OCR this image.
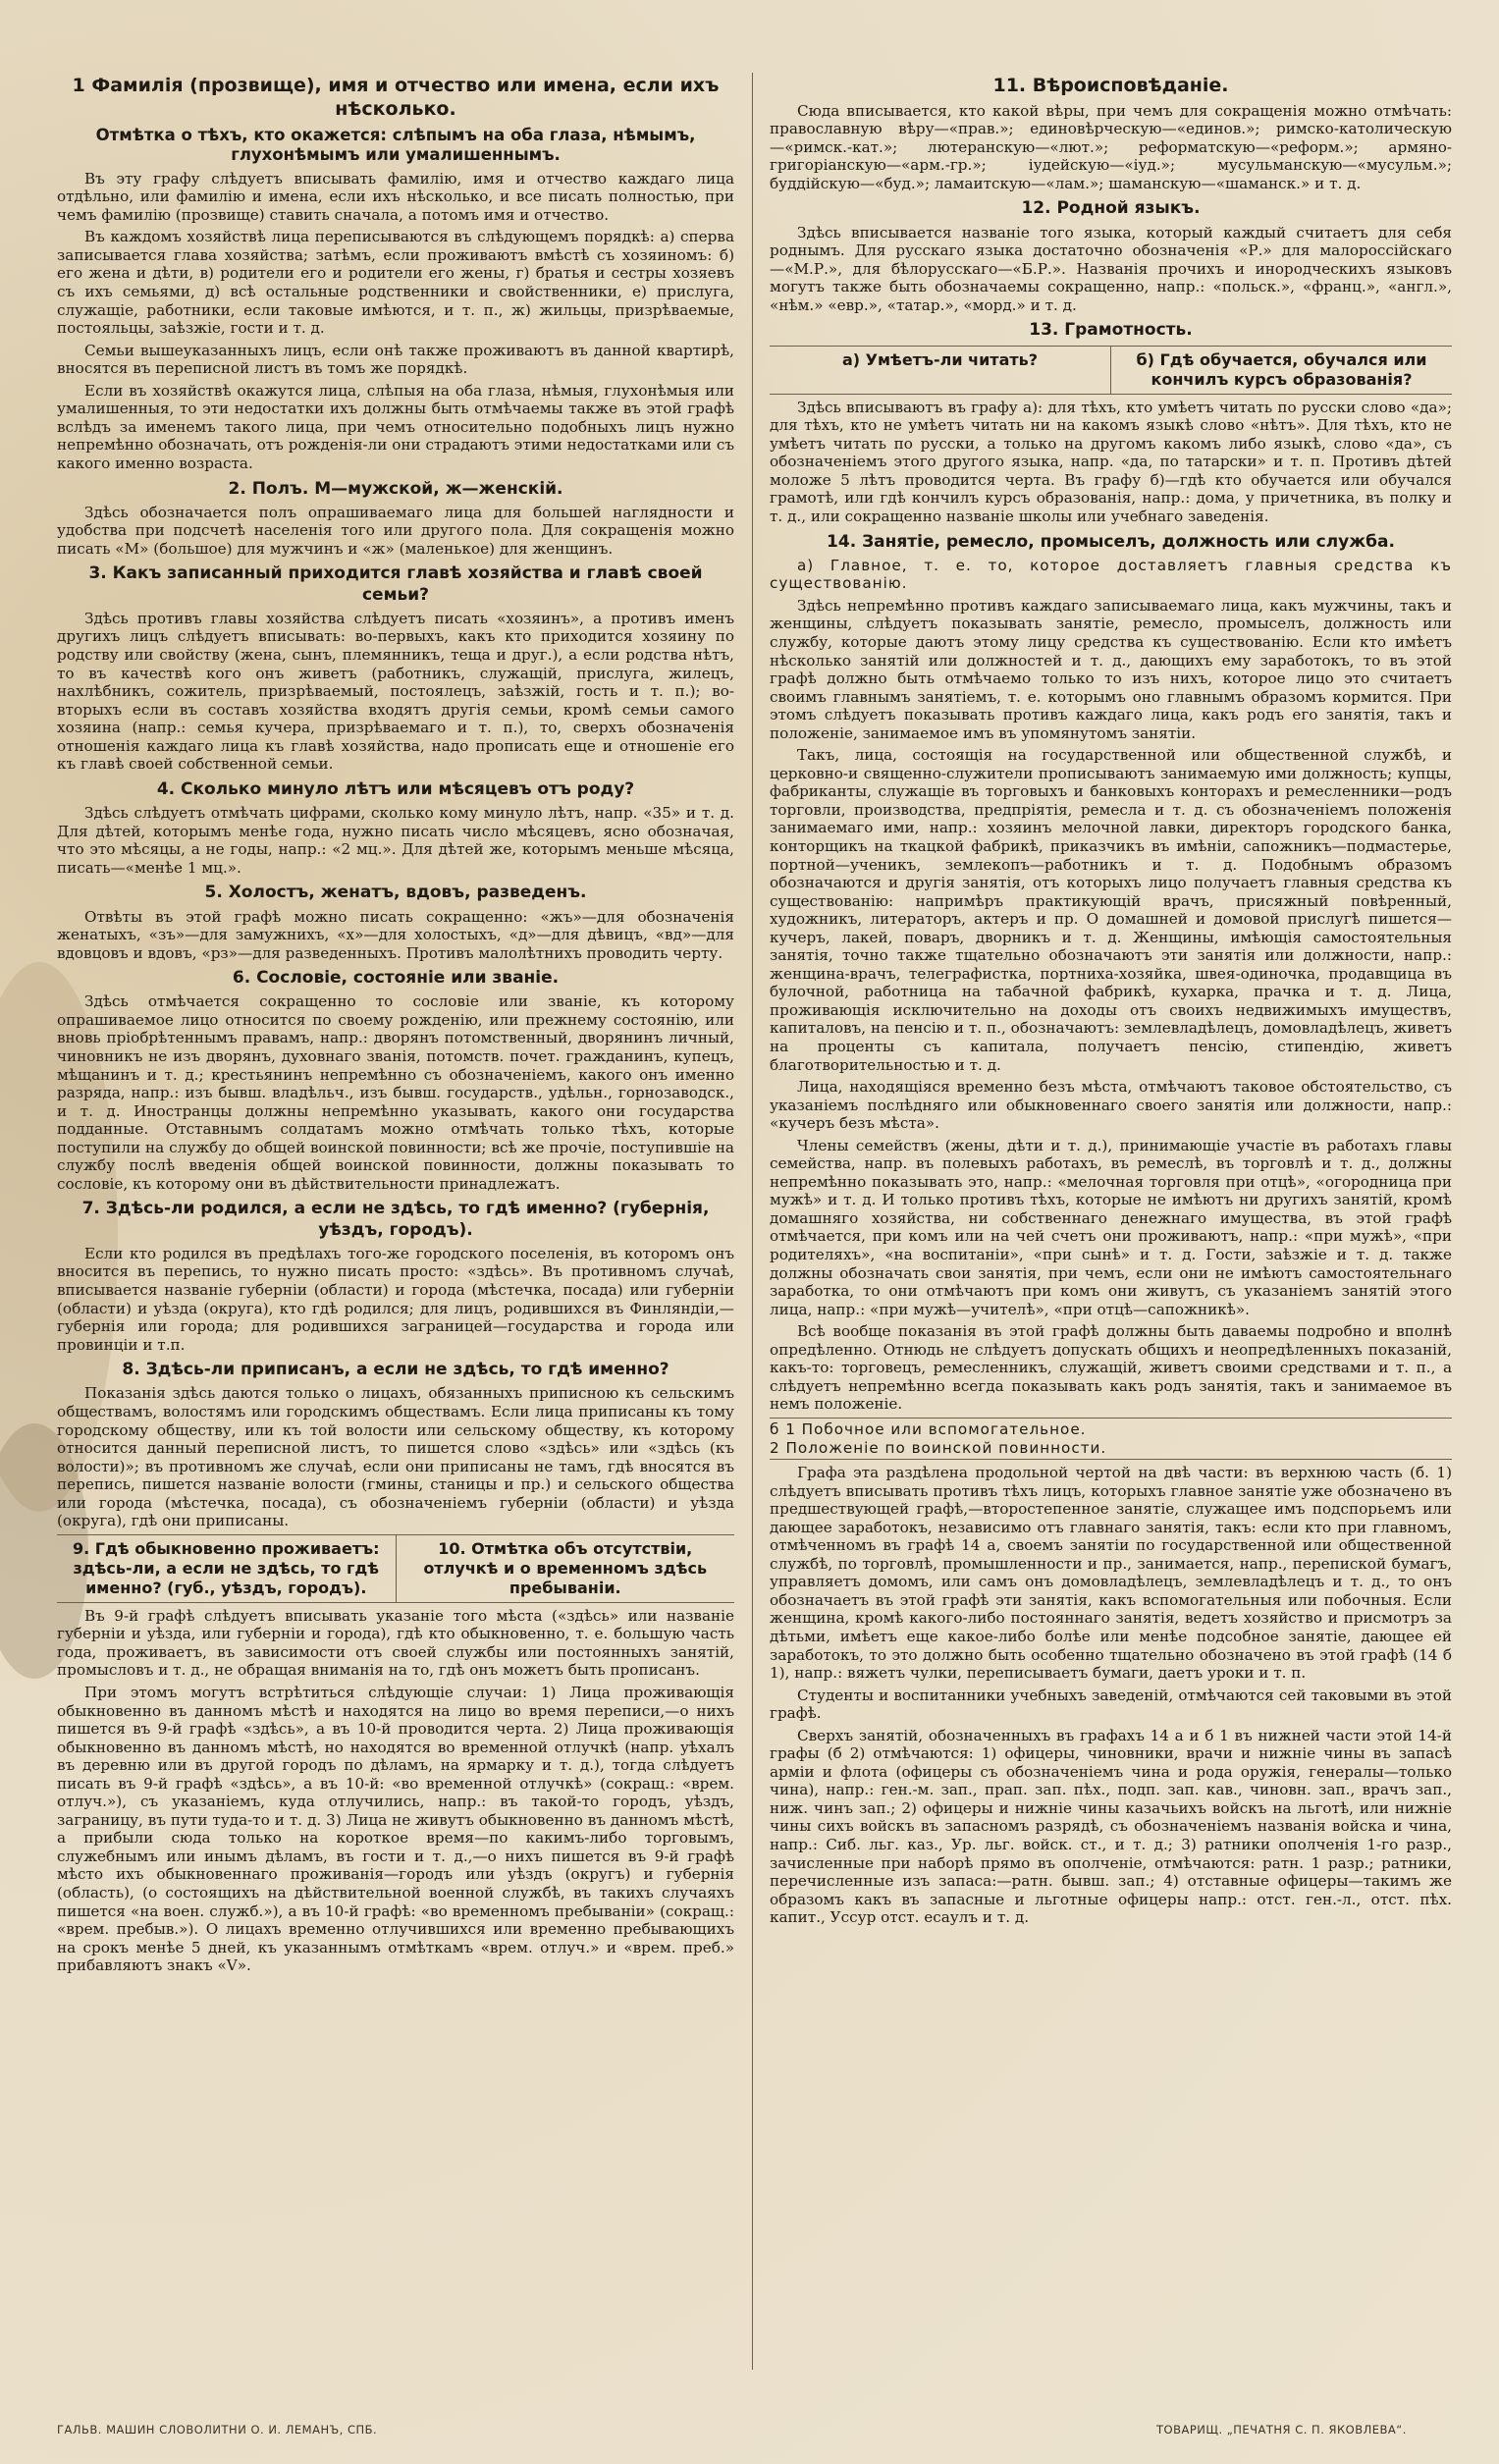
1 Фамилія (прозвище), имя и отчество или имена, если ихъ нѣсколько.
Отмѣтка о тѣхъ, кто окажется: слѣпымъ на оба глаза, нѣмымъ, глухонѣмымъ или умалишеннымъ.

Въ эту графу слѣдуетъ вписывать фамилію, имя и отчество каждаго лица отдѣльно, или фамилію и имена, если ихъ нѣсколько, и все писать полностью, при чемъ фамилію (прозвище) ставить сначала, а потомъ имя и отчество.

Въ каждомъ хозяйствѣ лица переписываются въ слѣдующемъ порядкѣ: а) сперва записывается глава хозяйства; затѣмъ, если проживаютъ вмѣстѣ съ хозяиномъ: б) его жена и дѣти, в) родители его и родители его жены, г) братья и сестры хозяевъ съ ихъ семьями, д) всѣ остальные родственники и свойственники, е) прислуга, служащіе, работники, если таковые имѣются, и т. п., ж) жильцы, призрѣваемые, постояльцы, заѣзжіе, гости и т. д.

Семьи вышеуказанныхъ лицъ, если онѣ также проживаютъ въ данной квартирѣ, вносятся въ переписной листъ въ томъ же порядкѣ.

Если въ хозяйствѣ окажутся лица, слѣпыя на оба глаза, нѣмыя, глухонѣмыя или умалишенныя, то эти недостатки ихъ должны быть отмѣчаемы также въ этой графѣ вслѣдъ за именемъ такого лица, при чемъ относительно подобныхъ лицъ нужно непремѣнно обозначать, отъ рожденія-ли они страдаютъ этими недостатками или съ какого именно возраста.

2. Полъ. М—мужской, ж—женскій.

Здѣсь обозначается полъ опрашиваемаго лица для большей наглядности и удобства при подсчетѣ населенія того или другого пола. Для сокращенія можно писать «М» (большое) для мужчинъ и «ж» (маленькое) для женщинъ.

3. Какъ записанный приходится главѣ хозяйства и главѣ своей семьи?

Здѣсь противъ главы хозяйства слѣдуетъ писать «хозяинъ», а противъ именъ другихъ лицъ слѣдуетъ вписывать: во-первыхъ, какъ кто приходится хозяину по родству или свойству (жена, сынъ, племянникъ, теща и друг.), а если родства нѣтъ, то въ качествѣ кого онъ живетъ (работникъ, служащій, прислуга, жилецъ, нахлѣбникъ, сожитель, призрѣваемый, постоялецъ, заѣзжій, гость и т. п.); во-вторыхъ если въ составъ хозяйства входятъ другія семьи, кромѣ семьи самого хозяина (напр.: семья кучера, призрѣваемаго и т. п.), то, сверхъ обозначенія отношенія каждаго лица къ главѣ хозяйства, надо прописать еще и отношеніе его къ главѣ своей собственной семьи.

4. Сколько минуло лѣтъ или мѣсяцевъ отъ роду?

Здѣсь слѣдуетъ отмѣчать цифрами, сколько кому минуло лѣтъ, напр. «35» и т. д. Для дѣтей, которымъ менѣе года, нужно писать число мѣсяцевъ, ясно обозначая, что это мѣсяцы, а не годы, напр.: «2 мц.». Для дѣтей же, которымъ меньше мѣсяца, писать—«менѣе 1 мц.».

5. Холостъ, женатъ, вдовъ, разведенъ.

Отвѣты въ этой графѣ можно писать сокращенно: «жъ»—для обозначенія женатыхъ, «зъ»—для замужнихъ, «х»—для холостыхъ, «д»—для дѣвицъ, «вд»—для вдовцовъ и вдовъ, «рз»—для разведенныхъ. Противъ малолѣтнихъ проводить черту.

6. Сословіе, состояніе или званіе.

Здѣсь отмѣчается сокращенно то сословіе или званіе, къ которому опрашиваемое лицо относится по своему рожденію, или прежнему состоянію, или вновь пріобрѣтеннымъ правамъ, напр.: дворянъ потомственный, дворянинъ личный, чиновникъ не изъ дворянъ, духовнаго званія, потомств. почет. гражданинъ, купецъ, мѣщанинъ и т. д.; крестьянинъ непремѣнно съ обозначеніемъ, какого онъ именно разряда, напр.: изъ бывш. владѣльч., изъ бывш. государств., удѣльн., горнозаводск., и т. д. Иностранцы должны непремѣнно указывать, какого они государства подданные. Отставнымъ солдатамъ можно отмѣчать только тѣхъ, которые поступили на службу до общей воинской повинности; всѣ же прочіе, поступившіе на службу послѣ введенія общей воинской повинности, должны показывать то сословіе, къ которому они въ дѣйствительности принадлежатъ.

7. Здѣсь-ли родился, а если не здѣсь, то гдѣ именно? (губернія, уѣздъ, городъ).

Если кто родился въ предѣлахъ того-же городского поселенія, въ которомъ онъ вносится въ перепись, то нужно писать просто: «здѣсь». Въ противномъ случаѣ, вписывается названіе губерніи (области) и города (мѣстечка, посада) или губерніи (области) и уѣзда (округа), кто гдѣ родился; для лицъ, родившихся въ Финляндіи,—губернія или города; для родившихся заграницей—государства и города или провинціи и т.п.

8. Здѣсь-ли приписанъ, а если не здѣсь, то гдѣ именно?

Показанія здѣсь даются только о лицахъ, обязанныхъ приписною къ сельскимъ обществамъ, волостямъ или городскимъ обществамъ. Если лица приписаны къ тому городскому обществу, или къ той волости или сельскому обществу, къ которому относится данный переписной листъ, то пишется слово «здѣсь» или «здѣсь (къ волости)»; въ противномъ же случаѣ, если они приписаны не тамъ, гдѣ вносятся въ перепись, пишется названіе волости (гмины, станицы и пр.) и сельского общества или города (мѣстечка, посада), съ обозначеніемъ губерніи (области) и уѣзда (округа), гдѣ они приписаны.

9. Гдѣ обыкновенно проживаетъ: здѣсь-ли, а если не здѣсь, то гдѣ именно? (губ., уѣздъ, городъ).
10. Отмѣтка объ отсутствіи, отлучкѣ и о временномъ здѣсь пребываніи.

Въ 9-й графѣ слѣдуетъ вписывать указаніе того мѣста («здѣсь» или названіе губерніи и уѣзда, или губерніи и города), гдѣ кто обыкновенно, т. е. большую часть года, проживаетъ, въ зависимости отъ своей службы или постоянныхъ занятій, промысловъ и т. д., не обращая вниманія на то, гдѣ онъ можетъ быть прописанъ.

При этомъ могутъ встрѣтиться слѣдующіе случаи: 1) Лица проживающія обыкновенно въ данномъ мѣстѣ и находятся на лицо во время переписи,—о нихъ пишется въ 9-й графѣ «здѣсь», а въ 10-й проводится черта. 2) Лица проживающія обыкновенно въ данномъ мѣстѣ, но находятся во временной отлучкѣ (напр. уѣхалъ въ деревню или въ другой городъ по дѣламъ, на ярмарку и т. д.), тогда слѣдуетъ писать въ 9-й графѣ «здѣсь», а въ 10-й: «во временной отлучкѣ» (сокращ.: «врем. отлуч.»), съ указаніемъ, куда отлучились, напр.: въ такой-то городъ, уѣздъ, заграницу, въ пути туда-то и т. д. 3) Лица не живутъ обыкновенно въ данномъ мѣстѣ, а прибыли сюда только на короткое время—по какимъ-либо торговымъ, служебнымъ или инымъ дѣламъ, въ гости и т. д.,—о нихъ пишется въ 9-й графѣ мѣсто ихъ обыкновеннаго проживанія—городъ или уѣздъ (округъ) и губернія (область), (о состоящихъ на дѣйствительной военной службѣ, въ такихъ случаяхъ пишется «на воен. служб.»), а въ 10-й графѣ: «во временномъ пребываніи» (сокращ.: «врем. пребыв.»). О лицахъ временно отлучившихся или временно пребывающихъ на срокъ менѣе 5 дней, къ указаннымъ отмѣткамъ «врем. отлуч.» и «врем. преб.» прибавляютъ знакъ «V».

11. Вѣроисповѣданіе.

Сюда вписывается, кто какой вѣры, при чемъ для сокращенія можно отмѣчать: православную вѣру—«прав.»; единовѣрческую—«единов.»; римско-католическую—«римск.-кат.»; лютеранскую—«лют.»; реформатскую—«реформ.»; армяно-григоріанскую—«арм.-гр.»; іудейскую—«іуд.»; мусульманскую—«мусульм.»; буддійскую—«буд.»; ламаитскую—«лам.»; шаманскую—«шаманск.» и т. д.

12. Родной языкъ.

Здѣсь вписывается названіе того языка, который каждый считаетъ для себя роднымъ. Для русскаго языка достаточно обозначенія «Р.» для малороссійскаго—«М.Р.», для бѣлорусскаго—«Б.Р.». Названія прочихъ и инородческихъ языковъ могутъ также быть обозначаемы сокращенно, напр.: «польск.», «франц.», «англ.», «нѣм.» «евр.», «татар.», «морд.» и т. д.

13. Грамотность.
а) Умѣетъ-ли читать?	б) Гдѣ обучается, обучался или кончилъ курсъ образованія?

Здѣсь вписываютъ въ графу а): для тѣхъ, кто умѣетъ читать по русски слово «да»; для тѣхъ, кто не умѣетъ читать ни на какомъ языкѣ слово «нѣтъ». Для тѣхъ, кто не умѣетъ читать по русски, а только на другомъ какомъ либо языкѣ, слово «да», съ обозначеніемъ этого другого языка, напр. «да, по татарски» и т. п. Противъ дѣтей моложе 5 лѣтъ проводится черта. Въ графу б)—гдѣ кто обучается или обучался грамотѣ, или гдѣ кончилъ курсъ образованія, напр.: дома, у причетника, въ полку и т. д., или сокращенно названіе школы или учебнаго заведенія.

14. Занятіе, ремесло, промыселъ, должность или служба.

а) Главное, т. е. то, которое доставляетъ главныя средства къ существованію.

Здѣсь непремѣнно противъ каждаго записываемаго лица, какъ мужчины, такъ и женщины, слѣдуетъ показывать занятіе, ремесло, промыселъ, должность или службу, которые даютъ этому лицу средства къ существованію. Если кто имѣетъ нѣсколько занятій или должностей и т. д., дающихъ ему заработокъ, то въ этой графѣ должно быть отмѣчаемо только то изъ нихъ, которое лицо это считаетъ своимъ главнымъ занятіемъ, т. е. которымъ оно главнымъ образомъ кормится. При этомъ слѣдуетъ показывать противъ каждаго лица, какъ родъ его занятія, такъ и положеніе, занимаемое имъ въ упомянутомъ занятіи.

Такъ, лица, состоящія на государственной или общественной службѣ, и церковно-и священно-служители прописываютъ занимаемую ими должность; купцы, фабриканты, служащіе въ торговыхъ и банковыхъ конторахъ и ремесленники—родъ торговли, производства, предпріятія, ремесла и т. д. съ обозначеніемъ положенія занимаемаго ими, напр.: хозяинъ мелочной лавки, директоръ городского банка, конторщикъ на ткацкой фабрикѣ, приказчикъ въ имѣніи, сапожникъ—подмастерье, портной—ученикъ, землекопъ—работникъ и т. д. Подобнымъ образомъ обозначаются и другія занятія, отъ которыхъ лицо получаетъ главныя средства къ существованію: напримѣръ практикующій врачъ, присяжный повѣренный, художникъ, литераторъ, актеръ и пр. О домашней и домовой прислугѣ пишется—кучеръ, лакей, поваръ, дворникъ и т. д. Женщины, имѣющія самостоятельныя занятія, точно также тщательно обозначаютъ эти занятія или должности, напр.: женщина-врачъ, телеграфистка, портниха-хозяйка, швея-одиночка, продавщица въ булочной, работница на табачной фабрикѣ, кухарка, прачка и т. д. Лица, проживающія исключительно на доходы отъ своихъ недвижимыхъ имуществъ, капиталовъ, на пенсію и т. п., обозначаютъ: землевладѣлецъ, домовладѣлецъ, живетъ на проценты съ капитала, получаетъ пенсію, стипендію, живетъ благотворительностью и т. д.

Лица, находящіяся временно безъ мѣста, отмѣчаютъ таковое обстоятельство, съ указаніемъ послѣдняго или обыкновеннаго своего занятія или должности, напр.: «кучеръ безъ мѣста».

Члены семействъ (жены, дѣти и т. д.), принимающіе участіе въ работахъ главы семейства, напр. въ полевыхъ работахъ, въ ремеслѣ, въ торговлѣ и т. д., должны непремѣнно показывать это, напр.: «мелочная торговля при отцѣ», «огородница при мужѣ» и т. д. И только противъ тѣхъ, которые не имѣютъ ни другихъ занятій, кромѣ домашняго хозяйства, ни собственнаго денежнаго имущества, въ этой графѣ отмѣчается, при комъ или на чей счетъ они проживаютъ, напр.: «при мужѣ», «при родителяхъ», «на воспитаніи», «при сынѣ» и т. д. Гости, заѣзжіе и т. д. также должны обозначать свои занятія, при чемъ, если они не имѣютъ самостоятельнаго заработка, то они отмѣчаютъ при комъ они живутъ, съ указаніемъ занятій этого лица, напр.: «при мужѣ—учителѣ», «при отцѣ—сапожникѣ».

Всѣ вообще показанія въ этой графѣ должны быть даваемы подробно и вполнѣ опредѣленно. Отнюдь не слѣдуетъ допускать общихъ и неопредѣленныхъ показаній, какъ-то: торговецъ, ремесленникъ, служащій, живетъ своими средствами и т. п., а слѣдуетъ непремѣнно всегда показывать какъ родъ занятія, такъ и занимаемое въ немъ положеніе.

б 1 Побочное или вспомогательное.
2 Положеніе по воинской повинности.

Графа эта раздѣлена продольной чертой на двѣ части: въ верхнюю часть (б. 1) слѣдуетъ вписывать противъ тѣхъ лицъ, которыхъ главное занятіе уже обозначено въ предшествующей графѣ,—второстепенное занятіе, служащее имъ подспорьемъ или дающее заработокъ, независимо отъ главнаго занятія, такъ: если кто при главномъ, отмѣченномъ въ графѣ 14 а, своемъ занятіи по государственной или общественной службѣ, по торговлѣ, промышленности и пр., занимается, напр., перепиской бумагъ, управляетъ домомъ, или самъ онъ домовладѣлецъ, землевладѣлецъ и т. д., то онъ обозначаетъ въ этой графѣ эти занятія, какъ вспомогательныя или побочныя. Если женщина, кромѣ какого-либо постояннаго занятія, ведетъ хозяйство и присмотръ за дѣтьми, имѣетъ еще какое-либо болѣе или менѣе подсобное занятіе, дающее ей заработокъ, то это должно быть особенно тщательно обозначено въ этой графѣ (14 б 1), напр.: вяжетъ чулки, переписываетъ бумаги, даетъ уроки и т. п.

Студенты и воспитанники учебныхъ заведеній, отмѣчаются сей таковыми въ этой графѣ.

Сверхъ занятій, обозначенныхъ въ графахъ 14 а и б 1 въ нижней части этой 14-й графы (б 2) отмѣчаются: 1) офицеры, чиновники, врачи и нижніе чины въ запасѣ арміи и флота (офицеры съ обозначеніемъ чина и рода оружія, генералы—только чина), напр.: ген.-м. зап., прап. зап. пѣх., подп. зап. кав., чиновн. зап., врачъ зап., ниж. чинъ зап.; 2) офицеры и нижніе чины казачьихъ войскъ на льготѣ, или нижніе чины сихъ войскъ въ запасномъ разрядѣ, съ обозначеніемъ названія войска и чина, напр.: Сиб. льг. каз., Ур. льг. войск. ст., и т. д.; 3) ратники ополченія 1-го разр., зачисленные при наборѣ прямо въ ополченіе, отмѣчаются: ратн. 1 разр.; ратники, перечисленные изъ запаса:—ратн. бывш. зап.; 4) отставные офицеры—такимъ же образомъ какъ въ запасные и льготные офицеры напр.: отст. ген.-л., отст. пѣх. капит., Уссур отст. есаулъ и т. д.

ГАЛЬВ. МАШИН СЛОВОЛИТНИ О. И. ЛЕМАНЪ, СПБ.	ТОВАРИЩ. „ПЕЧАТНЯ С. П. ЯКОВЛЕВА“.
